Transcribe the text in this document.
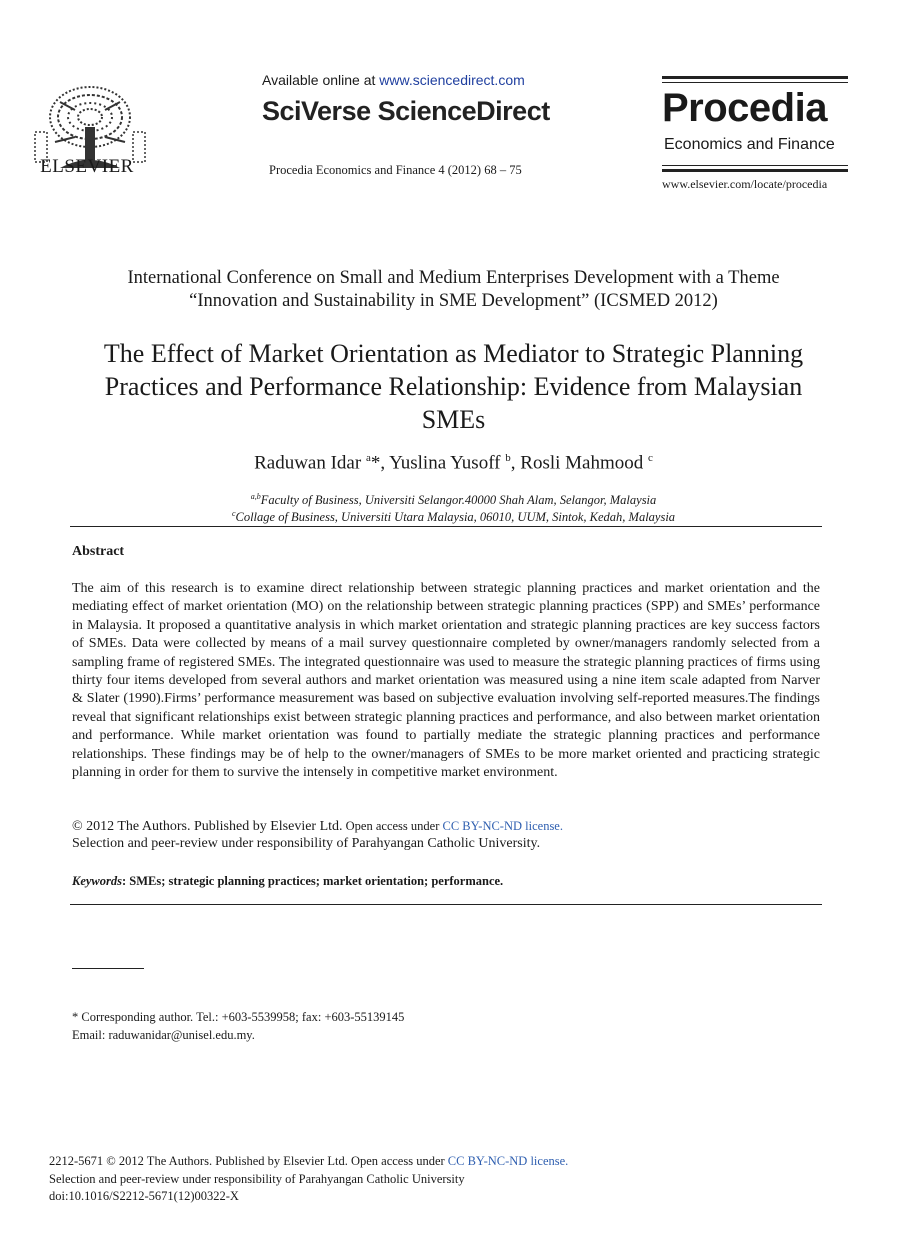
ELSEVIER
Available online at www.sciencedirect.com
SciVerse ScienceDirect
Procedia Economics and Finance 4 (2012) 68 – 75
Procedia
Economics and Finance
www.elsevier.com/locate/procedia
International Conference on Small and Medium Enterprises Development with a Theme
“Innovation and Sustainability in SME Development” (ICSMED 2012)
The Effect of Market Orientation as Mediator to Strategic Planning Practices and Performance Relationship: Evidence from Malaysian SMEs
Raduwan Idar $^a$*, Yuslina Yusoff $^b$, Rosli Mahmood $^c$
$^{a,b}$Faculty of Business, Universiti Selangor.40000 Shah Alam, Selangor, Malaysia
$^c$Collage of Business, Universiti Utara Malaysia, 06010, UUM, Sintok, Kedah, Malaysia
Abstract
The aim of this research is to examine direct relationship between strategic planning practices and market orientation and the mediating effect of market orientation (MO) on the relationship between strategic planning practices (SPP) and SMEs’ performance in Malaysia. It proposed a quantitative analysis in which market orientation and strategic planning practices are key success factors of SMEs. Data were collected by means of a mail survey questionnaire completed by owner/managers randomly selected from a sampling frame of registered SMEs. The integrated questionnaire was used to measure the strategic planning practices of firms using thirty four items developed from several authors and market orientation was measured using a nine item scale adapted from Narver & Slater (1990).Firms’ performance measurement was based on subjective evaluation involving self-reported measures.The findings reveal that significant relationships exist between strategic planning practices and performance, and also between market orientation and performance. While market orientation was found to partially mediate the strategic planning practices and performance relationships. These findings may be of help to the owner/managers of SMEs to be more market oriented and practicing strategic planning in order for them to survive the intensely in competitive market environment.
© 2012 The Authors. Published by Elsevier Ltd. Open access under CC BY-NC-ND license.
Selection and peer-review under responsibility of Parahyangan Catholic University.
Keywords: SMEs; strategic planning practices; market orientation; performance.
* Corresponding author. Tel.: +603-5539958; fax: +603-55139145
Email: raduwanidar@unisel.edu.my.
2212-5671 © 2012 The Authors. Published by Elsevier Ltd. Open access under CC BY-NC-ND license.
Selection and peer-review under responsibility of Parahyangan Catholic University
doi:10.1016/S2212-5671(12)00322-X
